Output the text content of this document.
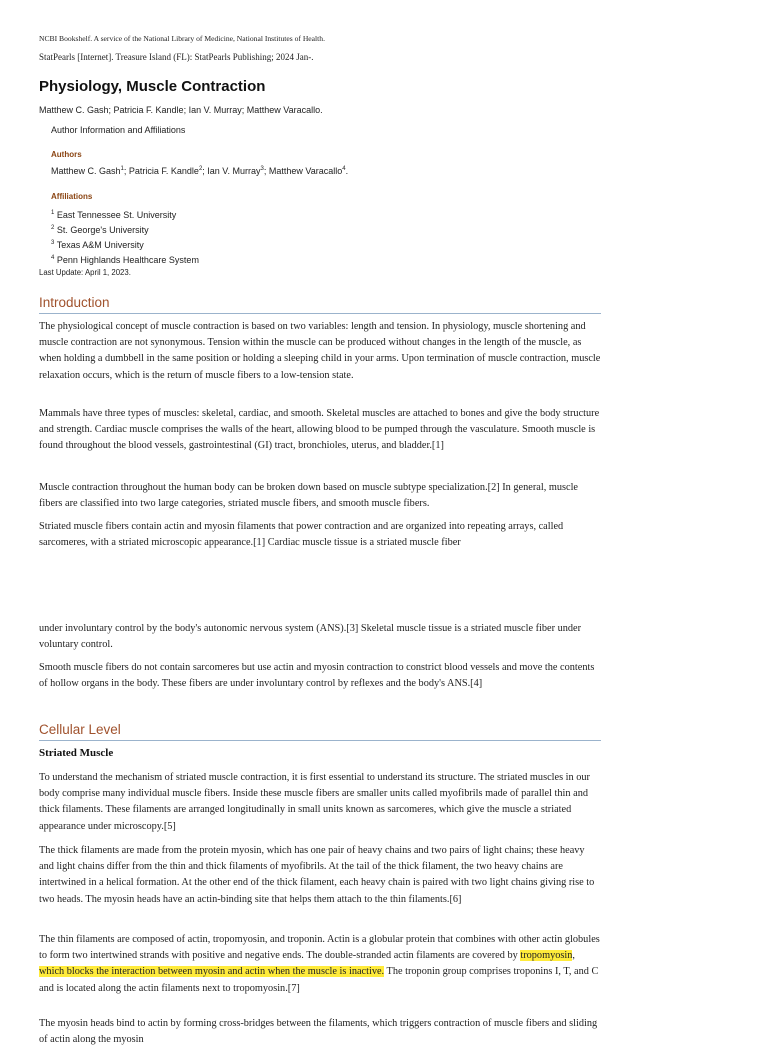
NCBI Bookshelf. A service of the National Library of Medicine, National Institutes of Health.
StatPearls [Internet]. Treasure Island (FL): StatPearls Publishing; 2024 Jan-.
Physiology, Muscle Contraction
Matthew C. Gash; Patricia F. Kandle; Ian V. Murray; Matthew Varacallo.
Author Information and Affiliations
Authors
Matthew C. Gash$^1$; Patricia F. Kandle$^2$; Ian V. Murray$^3$; Matthew Varacallo$^4$.
Affiliations
$^1$ East Tennessee St. University
$^2$ St. George's University
$^3$ Texas A&M University
$^4$ Penn Highlands Healthcare System
Last Update: April 1, 2023.
Introduction

The physiological concept of muscle contraction is based on two variables: length and tension. In physiology, muscle shortening and muscle contraction are not synonymous. Tension within the muscle can be produced without changes in the length of the muscle, as when holding a dumbbell in the same position or holding a sleeping child in your arms. Upon termination of muscle contraction, muscle relaxation occurs, which is the return of muscle fibers to a low-tension state.

Mammals have three types of muscles: skeletal, cardiac, and smooth. Skeletal muscles are attached to bones and give the body structure and strength. Cardiac muscle comprises the walls of the heart, allowing blood to be pumped through the vasculature. Smooth muscle is found throughout the blood vessels, gastrointestinal (GI) tract, bronchioles, uterus, and bladder.[1]

Muscle contraction throughout the human body can be broken down based on muscle subtype specialization.[2] In general, muscle fibers are classified into two large categories, striated muscle fibers, and smooth muscle fibers.

Striated muscle fibers contain actin and myosin filaments that power contraction and are organized into repeating arrays, called sarcomeres, with a striated microscopic appearance.[1] Cardiac muscle tissue is a striated muscle fiber

under involuntary control by the body's autonomic nervous system (ANS).[3] Skeletal muscle tissue is a striated muscle fiber under voluntary control.

Smooth muscle fibers do not contain sarcomeres but use actin and myosin contraction to constrict blood vessels and move the contents of hollow organs in the body. These fibers are under involuntary control by reflexes and the body's ANS.[4]

Cellular Level
Striated Muscle

To understand the mechanism of striated muscle contraction, it is first essential to understand its structure. The striated muscles in our body comprise many individual muscle fibers. Inside these muscle fibers are smaller units called myofibrils made of parallel thin and thick filaments. These filaments are arranged longitudinally in small units known as sarcomeres, which give the muscle a striated appearance under microscopy.[5]

The thick filaments are made from the protein myosin, which has one pair of heavy chains and two pairs of light chains; these heavy and light chains differ from the thin and thick filaments of myofibrils. At the tail of the thick filament, the two heavy chains are intertwined in a helical formation. At the other end of the thick filament, each heavy chain is paired with two light chains giving rise to two heads. The myosin heads have an actin-binding site that helps them attach to the thin filaments.[6]

The thin filaments are composed of actin, tropomyosin, and troponin. Actin is a globular protein that combines with other actin globules to form two intertwined strands with positive and negative ends. The double-stranded actin filaments are covered by tropomyosin, which blocks the interaction between myosin and actin when the muscle is inactive. The troponin group comprises troponins I, T, and C and is located along the actin filaments next to tropomyosin.[7]

The myosin heads bind to actin by forming cross-bridges between the filaments, which triggers contraction of muscle fibers and sliding of actin along the myosin
